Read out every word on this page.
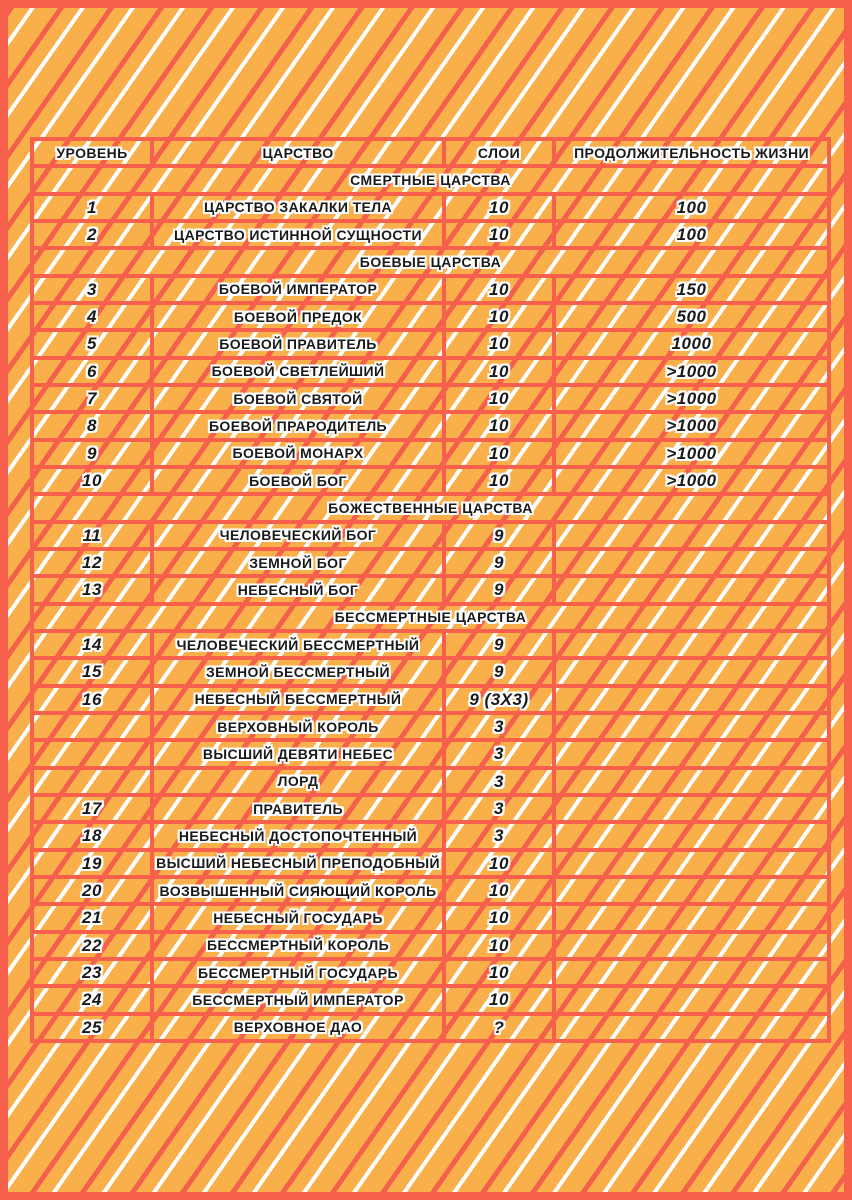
УРОВЕНЬ	ЦАРСТВО	СЛОИ	ПРОДОЛЖИТЕЛЬНОСТЬ ЖИЗНИ
СМЕРТНЫЕ ЦАРСТВА			
1	ЦАРСТВО ЗАКАЛКИ ТЕЛА	10	100
2	ЦАРСТВО ИСТИННОЙ СУЩНОСТИ	10	100
БОЕВЫЕ ЦАРСТВА			
3	БОЕВОЙ ИМПЕРАТОР	10	150
4	БОЕВОЙ ПРЕДОК	10	500
5	БОЕВОЙ ПРАВИТЕЛЬ	10	1000
6	БОЕВОЙ СВЕТЛЕЙШИЙ	10	>1000
7	БОЕВОЙ СВЯТОЙ	10	>1000
8	БОЕВОЙ ПРАРОДИТЕЛЬ	10	>1000
9	БОЕВОЙ МОНАРХ	10	>1000
10	БОЕВОЙ БОГ	10	>1000
БОЖЕСТВЕННЫЕ ЦАРСТВА			
11	ЧЕЛОВЕЧЕСКИЙ БОГ	9	
12	ЗЕМНОЙ БОГ	9	
13	НЕБЕСНЫЙ БОГ	9	
БЕССМЕРТНЫЕ ЦАРСТВА			
14	ЧЕЛОВЕЧЕСКИЙ БЕССМЕРТНЫЙ	9	
15	ЗЕМНОЙ БЕССМЕРТНЫЙ	9	
16	НЕБЕСНЫЙ БЕССМЕРТНЫЙ	9 (3X3)	
	ВЕРХОВНЫЙ КОРОЛЬ	3	
	ВЫСШИЙ ДЕВЯТИ НЕБЕС	3	
	ЛОРД	3	
17	ПРАВИТЕЛЬ	3	
18	НЕБЕСНЫЙ ДОСТОПОЧТЕННЫЙ	3	
19	ВЫСШИЙ НЕБЕСНЫЙ ПРЕПОДОБНЫЙ	10	
20	ВОЗВЫШЕННЫЙ СИЯЮЩИЙ КОРОЛЬ	10	
21	НЕБЕСНЫЙ ГОСУДАРЬ	10	
22	БЕССМЕРТНЫЙ КОРОЛЬ	10	
23	БЕССМЕРТНЫЙ ГОСУДАРЬ	10	
24	БЕССМЕРТНЫЙ ИМПЕРАТОР	10	
25	ВЕРХОВНОЕ ДАО	?	
